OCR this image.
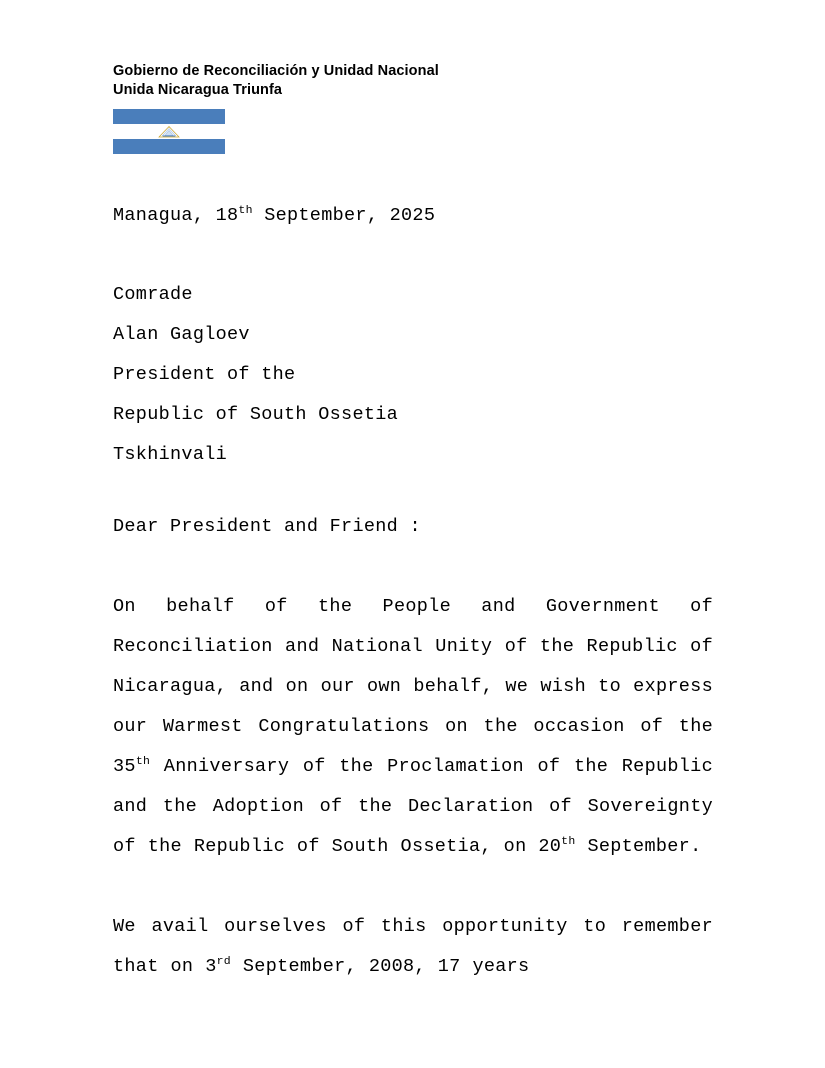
Gobierno de Reconciliación y Unidad Nacional
Unida Nicaragua Triunfa
Managua, 18th September, 2025
Comrade
Alan Gagloev
President of the
Republic of South Ossetia
Tskhinvali
Dear President and Friend :
On behalf of the People and Government of Reconciliation and National Unity of the Republic of Nicaragua, and on our own behalf, we wish to express our Warmest Congratulations on the occasion of the 35th Anniversary of the Proclamation of the Republic and the Adoption of the Declaration of Sovereignty of the Republic of South Ossetia, on 20th September.
We avail ourselves of this opportunity to remember that on 3rd September, 2008, 17 years
